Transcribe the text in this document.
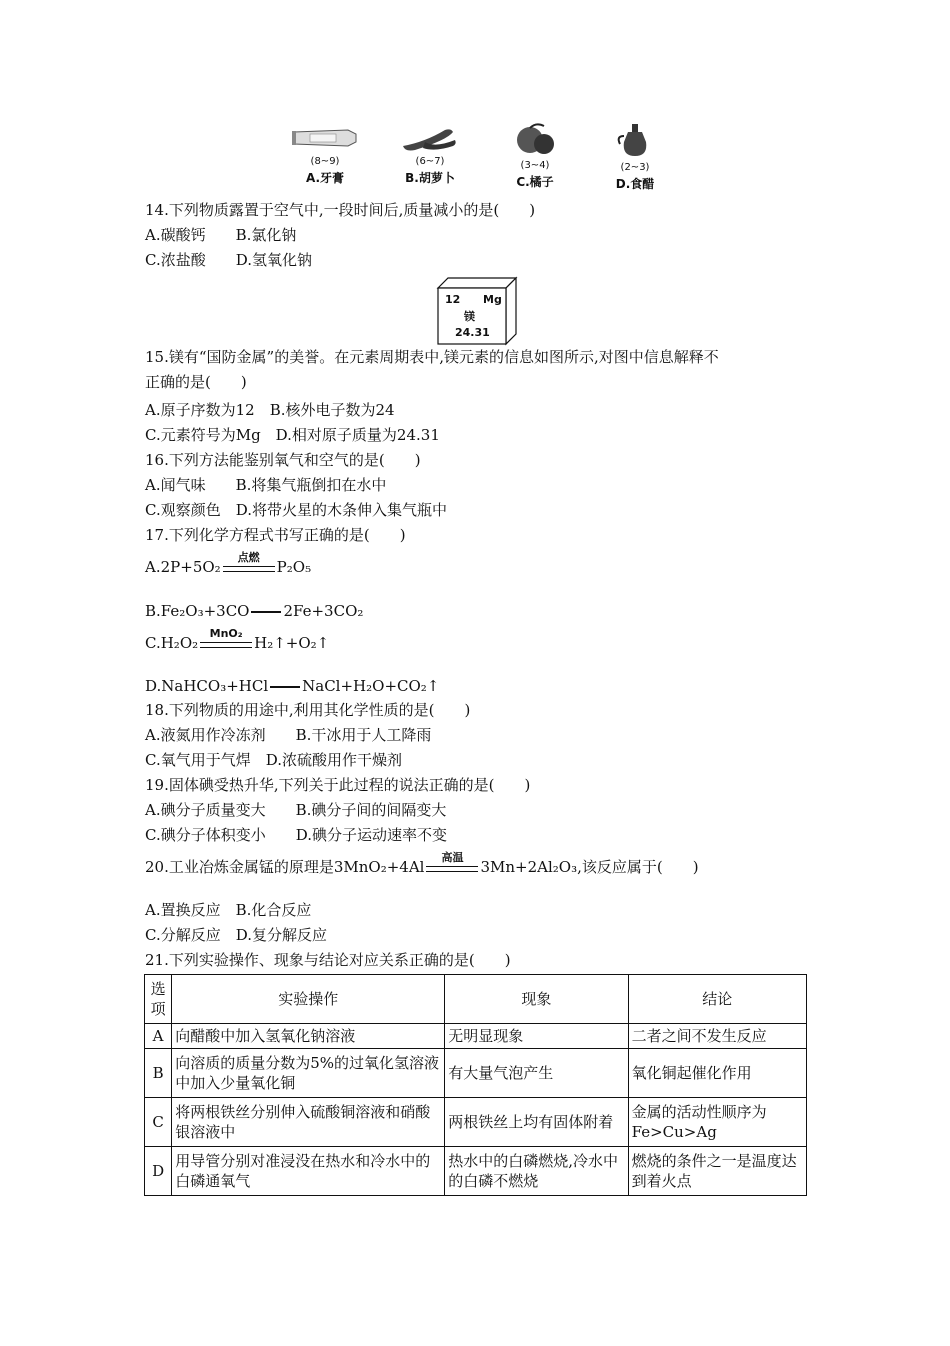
(8~9)
A.牙膏
(6~7)
B.胡萝卜
(3~4)
C.橘子
(2~3)
D.食醋
14.下列物质露置于空气中,一段时间后,质量减小的是(　　)
A.碳酸钙　　B.氯化钠
C.浓盐酸　　D.氢氧化钠
12 Mg
镁
24.31
15.镁有“国防金属”的美誉。在元素周期表中,镁元素的信息如图所示,对图中信息解释不
正确的是(　　)
A.原子序数为12　B.核外电子数为24
C.元素符号为Mg　D.相对原子质量为24.31
16.下列方法能鉴别氧气和空气的是(　　)
A.闻气味　　B.将集气瓶倒扣在水中
C.观察颜色　D.将带火星的木条伸入集气瓶中
17.下列化学方程式书写正确的是(　　)
A.2P+5O₂
点燃
P₂O₅
B.Fe₂O₃+3CO 2Fe+3CO₂
C.H₂O₂
MnO₂
H₂↑+O₂↑
D.NaHCO₃+HCl NaCl+H₂O+CO₂↑
18.下列物质的用途中,利用其化学性质的是(　　)
A.液氮用作冷冻剂　　B.干冰用于人工降雨
C.氧气用于气焊　D.浓硫酸用作干燥剂
19.固体碘受热升华,下列关于此过程的说法正确的是(　　)
A.碘分子质量变大　　B.碘分子间的间隔变大
C.碘分子体积变小　　D.碘分子运动速率不变
20.工业冶炼金属锰的原理是3MnO₂+4Al
高温
3Mn+2Al₂O₃,该反应属于(　　)
A.置换反应　B.化合反应
C.分解反应　D.复分解反应
21.下列实验操作、现象与结论对应关系正确的是(　　)
选项	实验操作	现象	结论
A	向醋酸中加入氢氧化钠溶液	无明显现象	二者之间不发生反应
B	向溶质的质量分数为5%的过氧化氢溶液中加入少量氧化铜	有大量气泡产生	氧化铜起催化作用
C	将两根铁丝分别伸入硫酸铜溶液和硝酸银溶液中	两根铁丝上均有固体附着	金属的活动性顺序为Fe>Cu>Ag
D	用导管分别对准浸没在热水和冷水中的白磷通氧气	热水中的白磷燃烧,冷水中的白磷不燃烧	燃烧的条件之一是温度达到着火点
